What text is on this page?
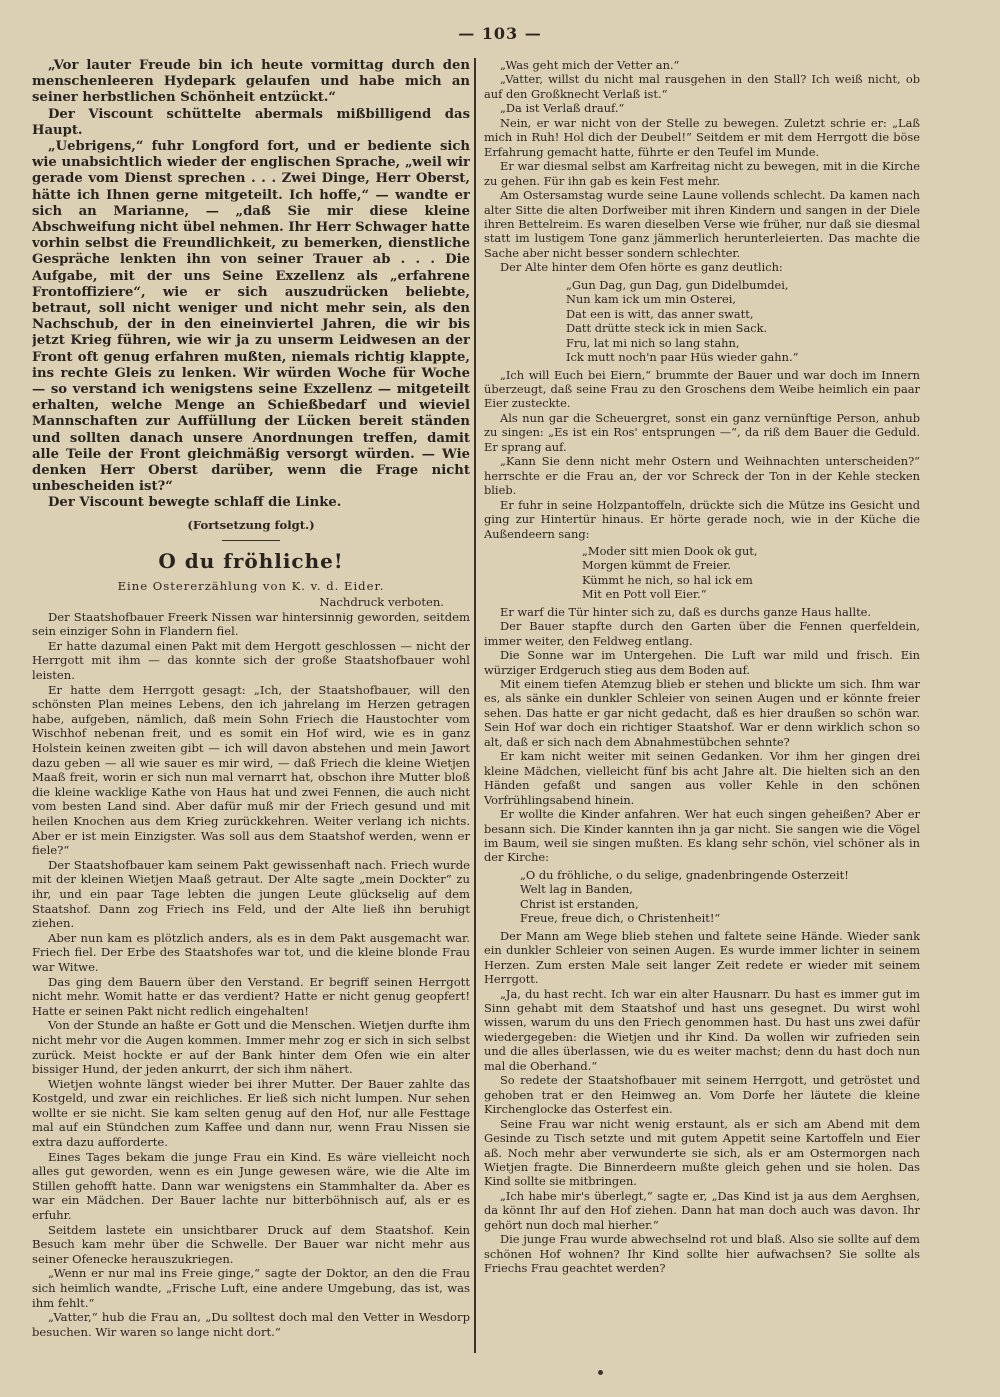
— 103 —

„Vor lauter Freude bin ich heute vormittag durch den menschenleeren Hydepark gelaufen und habe mich an seiner herbstlichen Schönheit entzückt.“

Der Viscount schüttelte abermals mißbilligend das Haupt.

„Uebrigens,“ fuhr Longford fort, und er bediente sich wie unabsichtlich wieder der englischen Sprache, „weil wir gerade vom Dienst sprechen . . . Zwei Dinge, Herr Oberst, hätte ich Ihnen gerne mitgeteilt. Ich hoffe,“ — wandte er sich an Marianne, — „daß Sie mir diese kleine Abschweifung nicht übel nehmen. Ihr Herr Schwager hatte vorhin selbst die Freundlichkeit, zu bemerken, dienstliche Gespräche lenkten ihn von seiner Trauer ab . . . Die Aufgabe, mit der uns Seine Exzellenz als „erfahrene Frontoffiziere“, wie er sich auszudrücken beliebte, betraut, soll nicht weniger und nicht mehr sein, als den Nachschub, der in den eineinviertel Jahren, die wir bis jetzt Krieg führen, wie wir ja zu unserm Leidwesen an der Front oft genug erfahren mußten, niemals richtig klappte, ins rechte Gleis zu lenken. Wir würden Woche für Woche — so verstand ich wenigstens seine Exzellenz — mitgeteilt erhalten, welche Menge an Schießbedarf und wieviel Mannschaften zur Auffüllung der Lücken bereit ständen und sollten danach unsere Anordnungen treffen, damit alle Teile der Front gleichmäßig versorgt würden. — Wie denken Herr Oberst darüber, wenn die Frage nicht unbescheiden ist?“

Der Viscount bewegte schlaff die Linke.

(Fortsetzung folgt.)
O du fröhliche!
Eine Ostererzählung von K. v. d. Eider.
Nachdruck verboten.

Der Staatshofbauer Freerk Nissen war hintersinnig geworden, seitdem sein einziger Sohn in Flandern fiel.

Er hatte dazumal einen Pakt mit dem Hergott geschlossen — nicht der Herrgott mit ihm — das konnte sich der große Staatshofbauer wohl leisten.

Er hatte dem Herrgott gesagt: „Ich, der Staatshofbauer, will den schönsten Plan meines Lebens, den ich jahrelang im Herzen getragen habe, aufgeben, nämlich, daß mein Sohn Friech die Haustochter vom Wischhof nebenan freit, und es somit ein Hof wird, wie es in ganz Holstein keinen zweiten gibt — ich will davon abstehen und mein Jawort dazu geben — all wie sauer es mir wird, — daß Friech die kleine Wietjen Maaß freit, worin er sich nun mal vernarrt hat, obschon ihre Mutter bloß die kleine wacklige Kathe von Haus hat und zwei Fennen, die auch nicht vom besten Land sind. Aber dafür muß mir der Friech gesund und mit heilen Knochen aus dem Krieg zurückkehren. Weiter verlang ich nichts. Aber er ist mein Einzigster. Was soll aus dem Staatshof werden, wenn er fiele?“

Der Staatshofbauer kam seinem Pakt gewissenhaft nach. Friech wurde mit der kleinen Wietjen Maaß getraut. Der Alte sagte „mein Dockter“ zu ihr, und ein paar Tage lebten die jungen Leute glückselig auf dem Staatshof. Dann zog Friech ins Feld, und der Alte ließ ihn beruhigt ziehen.

Aber nun kam es plötzlich anders, als es in dem Pakt ausgemacht war. Friech fiel. Der Erbe des Staatshofes war tot, und die kleine blonde Frau war Witwe.

Das ging dem Bauern über den Verstand. Er begriff seinen Herrgott nicht mehr. Womit hatte er das verdient? Hatte er nicht genug geopfert! Hatte er seinen Pakt nicht redlich eingehalten!

Von der Stunde an haßte er Gott und die Menschen. Wietjen durfte ihm nicht mehr vor die Augen kommen. Immer mehr zog er sich in sich selbst zurück. Meist hockte er auf der Bank hinter dem Ofen wie ein alter bissiger Hund, der jeden ankurrt, der sich ihm nähert.

Wietjen wohnte längst wieder bei ihrer Mutter. Der Bauer zahlte das Kostgeld, und zwar ein reichliches. Er ließ sich nicht lumpen. Nur sehen wollte er sie nicht. Sie kam selten genug auf den Hof, nur alle Festtage mal auf ein Stündchen zum Kaffee und dann nur, wenn Frau Nissen sie extra dazu aufforderte.

Eines Tages bekam die junge Frau ein Kind. Es wäre vielleicht noch alles gut geworden, wenn es ein Junge gewesen wäre, wie die Alte im Stillen gehofft hatte. Dann war wenigstens ein Stammhalter da. Aber es war ein Mädchen. Der Bauer lachte nur bitterböhnisch auf, als er es erfuhr.

Seitdem lastete ein unsichtbarer Druck auf dem Staatshof. Kein Besuch kam mehr über die Schwelle. Der Bauer war nicht mehr aus seiner Ofenecke herauszukriegen.

„Wenn er nur mal ins Freie ginge,“ sagte der Doktor, an den die Frau sich heimlich wandte, „Frische Luft, eine andere Umgebung, das ist, was ihm fehlt.“

„Vatter,“ hub die Frau an, „Du solltest doch mal den Vetter in Wesdorp besuchen. Wir waren so lange nicht dort.“

„Was geht mich der Vetter an.“

„Vatter, willst du nicht mal rausgehen in den Stall? Ich weiß nicht, ob auf den Großknecht Verlaß ist.“

„Da ist Verlaß drauf.“

Nein, er war nicht von der Stelle zu bewegen. Zuletzt schrie er: „Laß mich in Ruh! Hol dich der Deubel!“ Seitdem er mit dem Herrgott die böse Erfahrung gemacht hatte, führte er den Teufel im Munde.

Er war diesmal selbst am Karfreitag nicht zu bewegen, mit in die Kirche zu gehen. Für ihn gab es kein Fest mehr.

Am Ostersamstag wurde seine Laune vollends schlecht. Da kamen nach alter Sitte die alten Dorfweiber mit ihren Kindern und sangen in der Diele ihren Bettelreim. Es waren dieselben Verse wie früher, nur daß sie diesmal statt im lustigem Tone ganz jämmerlich herunterleierten. Das machte die Sache aber nicht besser sondern schlechter.

Der Alte hinter dem Ofen hörte es ganz deutlich:

„Gun Dag, gun Dag, gun Didelbumdei,
Nun kam ick um min Osterei,
Dat een is witt, das anner swatt,
Datt drütte steck ick in mien Sack.
Fru, lat mi nich so lang stahn,
Ick mutt noch'n paar Hüs wieder gahn.“

„Ich will Euch bei Eiern,“ brummte der Bauer und war doch im Innern überzeugt, daß seine Frau zu den Groschens dem Weibe heimlich ein paar Eier zusteckte.

Als nun gar die Scheuergret, sonst ein ganz vernünftige Person, anhub zu singen: „Es ist ein Ros' entsprungen —“, da riß dem Bauer die Geduld. Er sprang auf.

„Kann Sie denn nicht mehr Ostern und Weihnachten unterscheiden?“ herrschte er die Frau an, der vor Schreck der Ton in der Kehle stecken blieb.

Er fuhr in seine Holzpantoffeln, drückte sich die Mütze ins Gesicht und ging zur Hintertür hinaus. Er hörte gerade noch, wie in der Küche die Außendeern sang:

„Moder sitt mien Dook ok gut,
Morgen kümmt de Freier.
Kümmt he nich, so hal ick em
Mit en Pott voll Eier.“

Er warf die Tür hinter sich zu, daß es durchs ganze Haus hallte.

Der Bauer stapfte durch den Garten über die Fennen querfeldein, immer weiter, den Feldweg entlang.

Die Sonne war im Untergehen. Die Luft war mild und frisch. Ein würziger Erdgeruch stieg aus dem Boden auf.

Mit einem tiefen Atemzug blieb er stehen und blickte um sich. Ihm war es, als sänke ein dunkler Schleier von seinen Augen und er könnte freier sehen. Das hatte er gar nicht gedacht, daß es hier draußen so schön war. Sein Hof war doch ein richtiger Staatshof. War er denn wirklich schon so alt, daß er sich nach dem Abnahmestübchen sehnte?

Er kam nicht weiter mit seinen Gedanken. Vor ihm her gingen drei kleine Mädchen, vielleicht fünf bis acht Jahre alt. Die hielten sich an den Händen gefaßt und sangen aus voller Kehle in den schönen Vorfrühlingsabend hinein.

Er wollte die Kinder anfahren. Wer hat euch singen geheißen? Aber er besann sich. Die Kinder kannten ihn ja gar nicht. Sie sangen wie die Vögel im Baum, weil sie singen mußten. Es klang sehr schön, viel schöner als in der Kirche:

„O du fröhliche, o du selige, gnadenbringende Osterzeit!
Welt lag in Banden,
Christ ist erstanden,
Freue, freue dich, o Christenheit!“

Der Mann am Wege blieb stehen und faltete seine Hände. Wieder sank ein dunkler Schleier von seinen Augen. Es wurde immer lichter in seinem Herzen. Zum ersten Male seit langer Zeit redete er wieder mit seinem Herrgott.

„Ja, du hast recht. Ich war ein alter Hausnarr. Du hast es immer gut im Sinn gehabt mit dem Staatshof und hast uns gesegnet. Du wirst wohl wissen, warum du uns den Friech genommen hast. Du hast uns zwei dafür wiedergegeben: die Wietjen und ihr Kind. Da wollen wir zufrieden sein und die alles überlassen, wie du es weiter machst; denn du hast doch nun mal die Oberhand.“

So redete der Staatshofbauer mit seinem Herrgott, und getröstet und gehoben trat er den Heimweg an. Vom Dorfe her läutete die kleine Kirchenglocke das Osterfest ein.

Seine Frau war nicht wenig erstaunt, als er sich am Abend mit dem Gesinde zu Tisch setzte und mit gutem Appetit seine Kartoffeln und Eier aß. Noch mehr aber verwunderte sie sich, als er am Ostermorgen nach Wietjen fragte. Die Binnerdeern mußte gleich gehen und sie holen. Das Kind sollte sie mitbringen.

„Ich habe mir's überlegt,“ sagte er, „Das Kind ist ja aus dem Aerghsen, da könnt Ihr auf den Hof ziehen. Dann hat man doch auch was davon. Ihr gehört nun doch mal hierher.“

Die junge Frau wurde abwechselnd rot und blaß. Also sie sollte auf dem schönen Hof wohnen? Ihr Kind sollte hier aufwachsen? Sie sollte als Friechs Frau geachtet werden?
